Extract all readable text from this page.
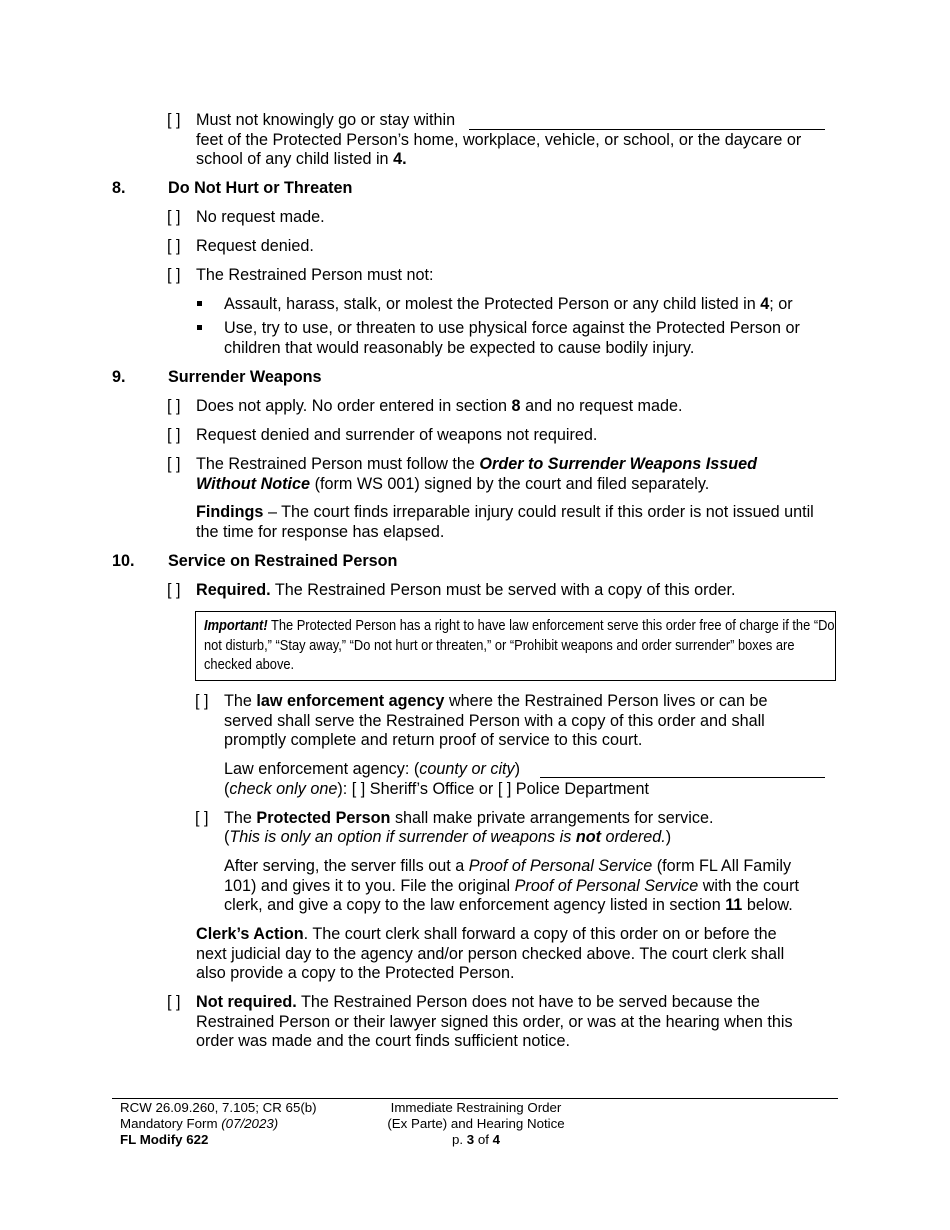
[ ] Must not knowingly go or stay within
feet of the Protected Person’s home, workplace, vehicle, or school, or the daycare or
school of any child listed in 4.
8.	Do Not Hurt or Threaten
[ ] No request made.
[ ] Request denied.
[ ] The Restrained Person must not:
Assault, harass, stalk, or molest the Protected Person or any child listed in 4; or
Use, try to use, or threaten to use physical force against the Protected Person or
children that would reasonably be expected to cause bodily injury.
9.	Surrender Weapons
[ ] Does not apply. No order entered in section 8 and no request made.
[ ] Request denied and surrender of weapons not required.
[ ] The Restrained Person must follow the Order to Surrender Weapons Issued
Without Notice (form WS 001) signed by the court and filed separately.
Findings – The court finds irreparable injury could result if this order is not issued until
the time for response has elapsed.
10. Service on Restrained Person
[ ] Required. The Restrained Person must be served with a copy of this order.
Important! The Protected Person has a right to have law enforcement serve this order free of charge if the “Do not disturb,” “Stay away,” “Do not hurt or threaten,” or “Prohibit weapons and order surrender” boxes are checked above.
[ ] The law enforcement agency where the Restrained Person lives or can be
served shall serve the Restrained Person with a copy of this order and shall
promptly complete and return proof of service to this court.
Law enforcement agency: (county or city)
(check only one): [ ] Sheriff’s Office or [ ] Police Department
[ ] The Protected Person shall make private arrangements for service.
(This is only an option if surrender of weapons is not ordered.)
After serving, the server fills out a Proof of Personal Service (form FL All Family
101) and gives it to you. File the original Proof of Personal Service with the court
clerk, and give a copy to the law enforcement agency listed in section 11 below.
Clerk’s Action. The court clerk shall forward a copy of this order on or before the
next judicial day to the agency and/or person checked above. The court clerk shall
also provide a copy to the Protected Person.
[ ] Not required. The Restrained Person does not have to be served because the
Restrained Person or their lawyer signed this order, or was at the hearing when this
order was made and the court finds sufficient notice.
RCW 26.09.260, 7.105; CR 65(b)
Mandatory Form (07/2023)
FL Modify 622
Immediate Restraining Order
(Ex Parte) and Hearing Notice
p. 3 of 4
